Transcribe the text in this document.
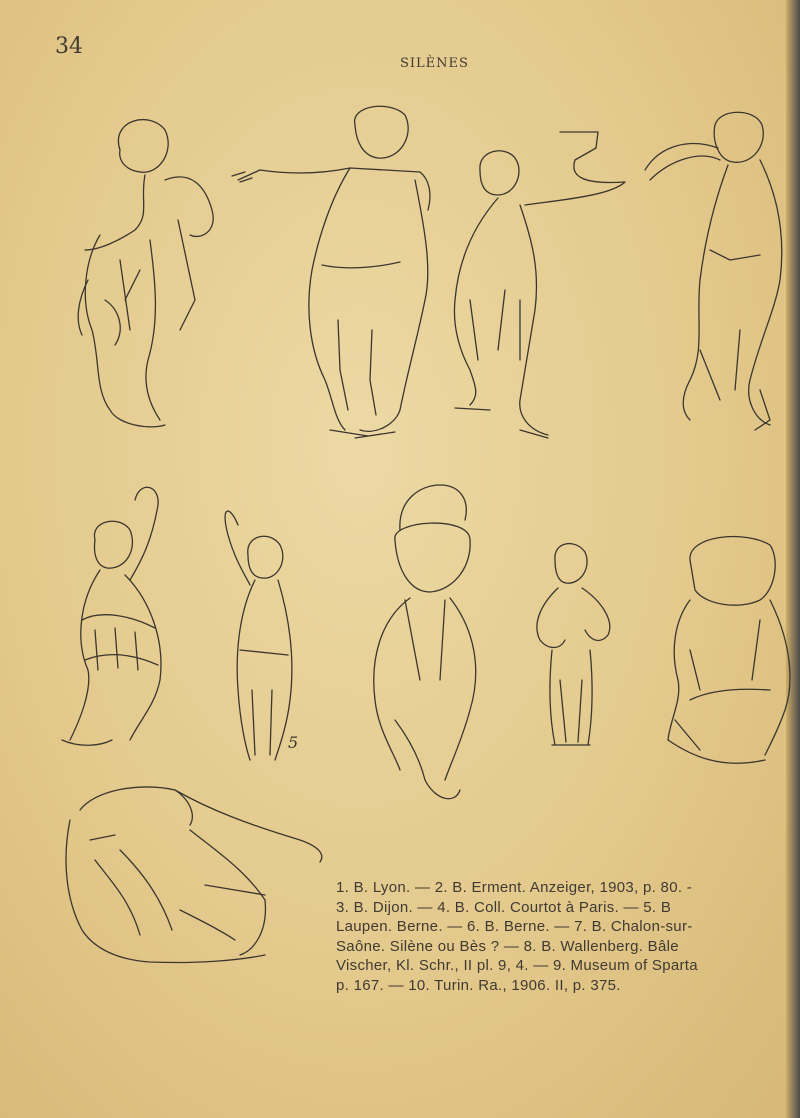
34
SILÈNES
5
1. B. Lyon. — 2. B. Erment. Anzeiger, 1903, p. 80. -
3. B. Dijon. — 4. B. Coll. Courtot à Paris. — 5. B
Laupen. Berne. — 6. B. Berne. — 7. B. Chalon-sur-
Saône. Silène ou Bès ? — 8. B. Wallenberg. Bâle
Vischer, Kl. Schr., II pl. 9, 4. — 9. Museum of Sparta
p. 167. — 10. Turin. Ra., 1906. II, p. 375.
